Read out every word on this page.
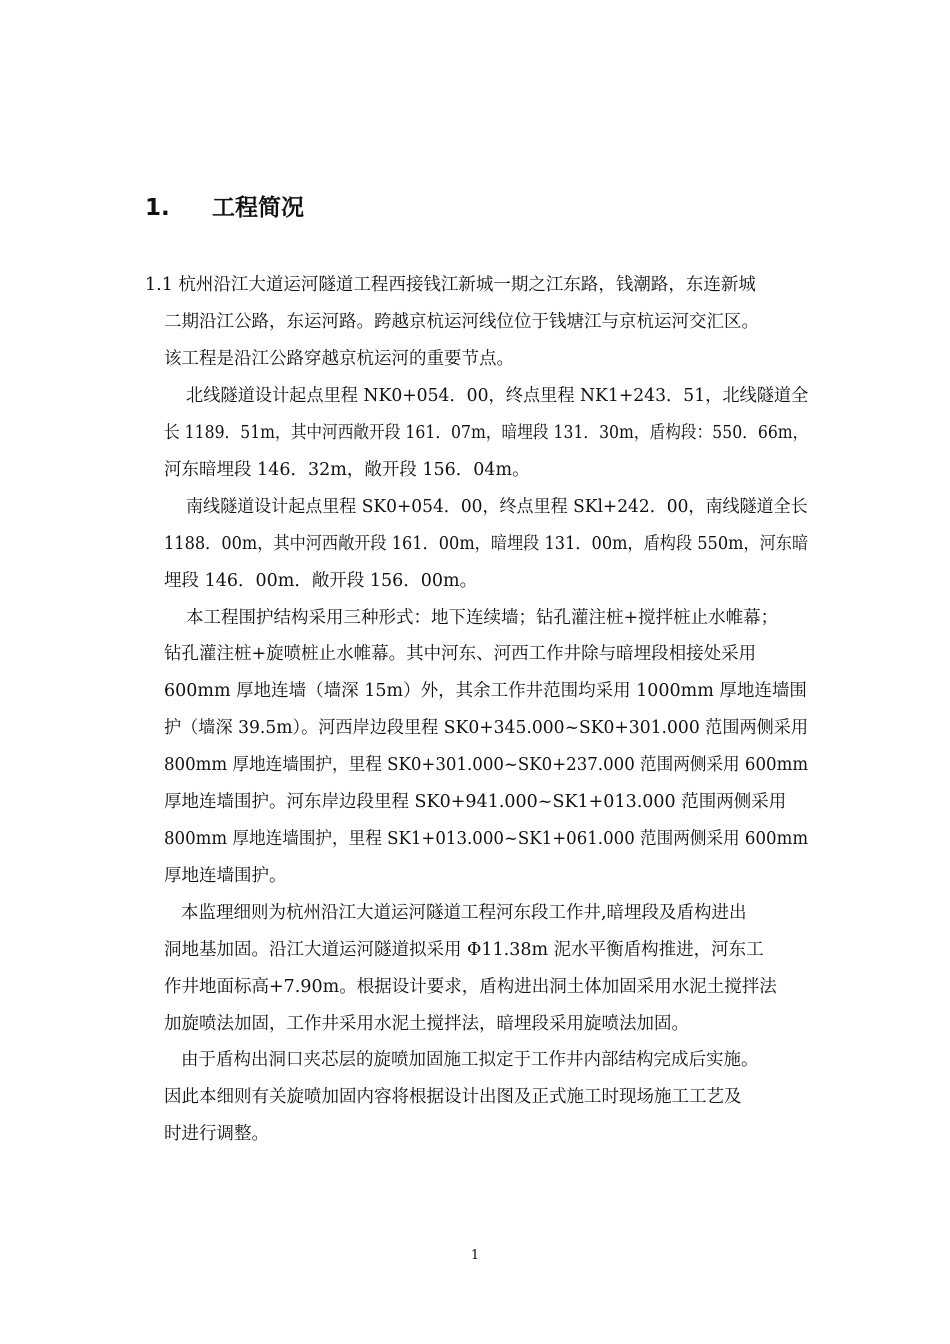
1. 工程简况
1.1 杭州沿江大道运河隧道工程西接钱江新城一期之江东路，钱潮路，东连新城
二期沿江公路，东运河路。跨越京杭运河线位位于钱塘江与京杭运河交汇区。
该工程是沿江公路穿越京杭运河的重要节点。
北线隧道设计起点里程 NK0+054．00，终点里程 NK1+243．51，北线隧道全
长 1189．51m，其中河西敞开段 161．07m，暗埋段 131．30m，盾构段：550．66m，
河东暗埋段 146．32m，敞开段 156．04m。
南线隧道设计起点里程 SK0+054．00，终点里程 SKl+242．00，南线隧道全长
1188．00m，其中河西敞开段 161．00m，暗埋段 131．00m，盾构段 550m，河东暗
埋段 146．00m．敞开段 156．00m。
本工程围护结构采用三种形式：地下连续墙；钻孔灌注桩+搅拌桩止水帷幕；
钻孔灌注桩+旋喷桩止水帷幕。其中河东、河西工作井除与暗埋段相接处采用
600mm 厚地连墙（墙深 15m）外，其余工作井范围均采用 1000mm 厚地连墙围
护（墙深 39.5m）。河西岸边段里程 SK0+345.000~SK0+301.000 范围两侧采用
800mm 厚地连墙围护，里程 SK0+301.000~SK0+237.000 范围两侧采用 600mm
厚地连墙围护。河东岸边段里程 SK0+941.000~SK1+013.000 范围两侧采用
800mm 厚地连墙围护，里程 SK1+013.000~SK1+061.000 范围两侧采用 600mm
厚地连墙围护。
本监理细则为杭州沿江大道运河隧道工程河东段工作井,暗埋段及盾构进出
洞地基加固。沿江大道运河隧道拟采用 Φ11.38m 泥水平衡盾构推进，河东工
作井地面标高+7.90m。根据设计要求，盾构进出洞土体加固采用水泥土搅拌法
加旋喷法加固，工作井采用水泥土搅拌法，暗埋段采用旋喷法加固。
由于盾构出洞口夹芯层的旋喷加固施工拟定于工作井内部结构完成后实施。
因此本细则有关旋喷加固内容将根据设计出图及正式施工时现场施工工艺及
时进行调整。
1
